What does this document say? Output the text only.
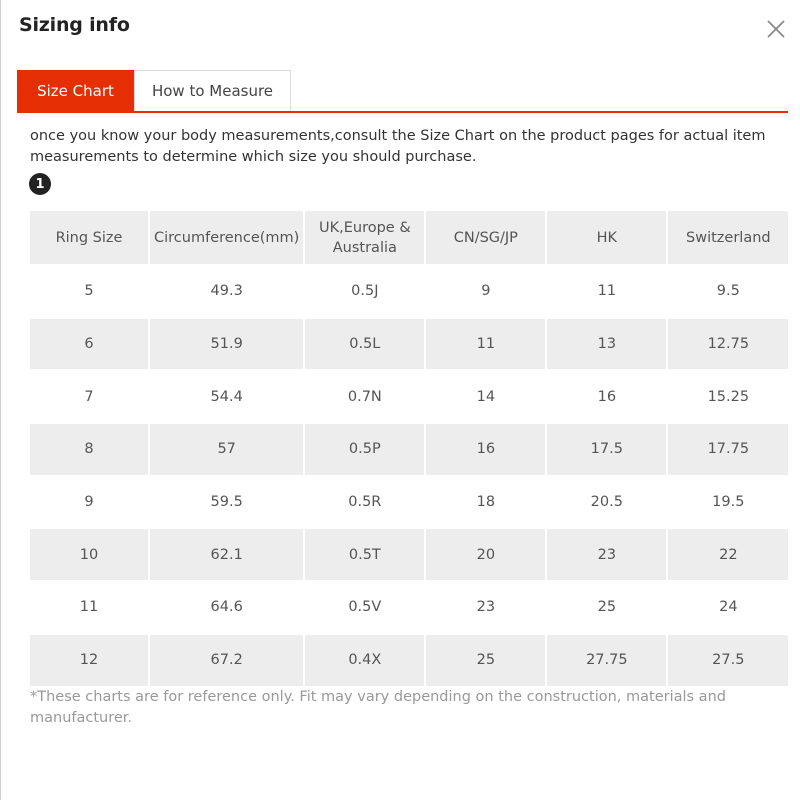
Sizing info
Size Chart	How to Measure
once you know your body measurements,consult the Size Chart on the product pages for actual item measurements to determine which size you should purchase.
1
Ring Size	Circumference(mm)	UK,Europe & Australia	CN/SG/JP	HK	Switzerland
5	49.3	0.5J	9	11	9.5
6	51.9	0.5L	11	13	12.75
7	54.4	0.7N	14	16	15.25
8	57	0.5P	16	17.5	17.75
9	59.5	0.5R	18	20.5	19.5
10	62.1	0.5T	20	23	22
11	64.6	0.5V	23	25	24
12	67.2	0.4X	25	27.75	27.5
*These charts are for reference only. Fit may vary depending on the construction, materials and manufacturer.
